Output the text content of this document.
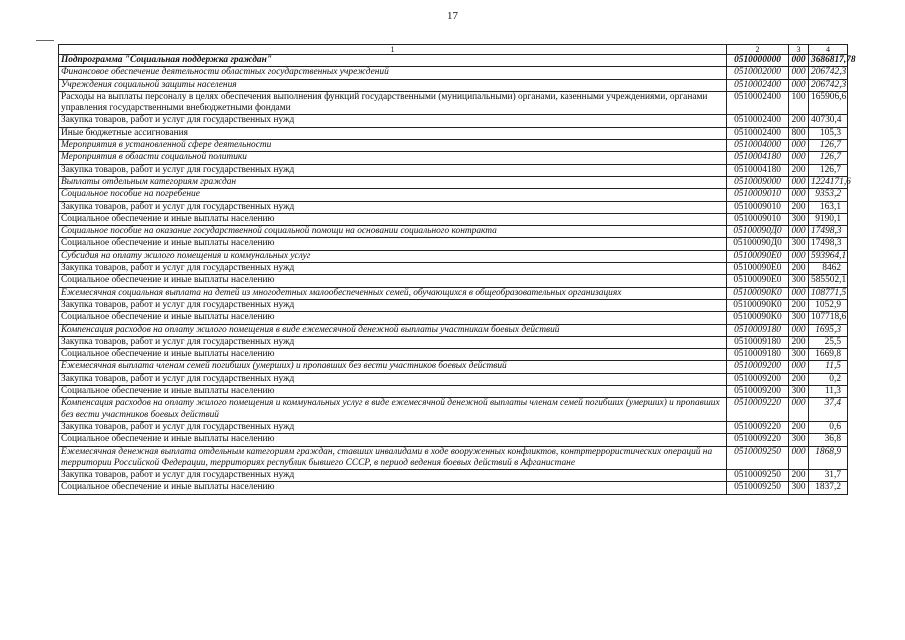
17
1	2	3	4
Подпрограмма "Социальная поддержка граждан"	0510000000	000	3686817,78
Финансовое обеспечение деятельности областных государственных учреждений	0510002000	000	206742,3
Учреждения социальной защиты населения	0510002400	000	206742,3
Расходы на выплаты персоналу в целях обеспечения выполнения функций государственными (муниципальными) органами, казенными учреждениями, органами управления государственными внебюджетными фондами	0510002400	100	165906,6
Закупка товаров, работ и услуг для государственных нужд	0510002400	200	40730,4
Иные бюджетные ассигнования	0510002400	800	105,3
Мероприятия в установленной сфере деятельности	0510004000	000	126,7
Мероприятия в области социальной политики	0510004180	000	126,7
Закупка товаров, работ и услуг для государственных нужд	0510004180	200	126,7
Выплаты отдельным категориям граждан	0510009000	000	1224171,6
Социальное пособие на погребение	0510009010	000	9353,2
Закупка товаров, работ и услуг для государственных нужд	0510009010	200	163,1
Социальное обеспечение и иные выплаты населению	0510009010	300	9190,1
Социальное пособие на оказание государственной социальной помощи на основании социального контракта	05100090Д0	000	17498,3
Социальное обеспечение и иные выплаты населению	05100090Д0	300	17498,3
Субсидия на оплату жилого помещения и коммунальных услуг	05100090Е0	000	593964,1
Закупка товаров, работ и услуг для государственных нужд	05100090Е0	200	8462
Социальное обеспечение и иные выплаты населению	05100090Е0	300	585502,1
Ежемесячная социальная выплата на детей из многодетных малообеспеченных семей, обучающихся в общеобразовательных организациях	05100090К0	000	108771,5
Закупка товаров, работ и услуг для государственных нужд	05100090К0	200	1052,9
Социальное обеспечение и иные выплаты населению	05100090К0	300	107718,6
Компенсация расходов на оплату жилого помещения в виде ежемесячной денежной выплаты участникам боевых действий	0510009180	000	1695,3
Закупка товаров, работ и услуг для государственных нужд	0510009180	200	25,5
Социальное обеспечение и иные выплаты населению	0510009180	300	1669,8
Ежемесячная выплата членам семей погибших (умерших) и пропавших без вести участников боевых действий	0510009200	000	11,5
Закупка товаров, работ и услуг для государственных нужд	0510009200	200	0,2
Социальное обеспечение и иные выплаты населению	0510009200	300	11,3
Компенсация расходов на оплату жилого помещения и коммунальных услуг в виде ежемесячной денежной выплаты членам семей погибших (умерших) и пропавших без вести участников боевых действий	0510009220	000	37,4
Закупка товаров, работ и услуг для государственных нужд	0510009220	200	0,6
Социальное обеспечение и иные выплаты населению	0510009220	300	36,8
Ежемесячная денежная выплата отдельным категориям граждан, ставших инвалидами в ходе вооруженных конфликтов, контртеррористических операций на территории Российской Федерации, территориях республик бывшего СССР, в период ведения боевых действий в Афганистане	0510009250	000	1868,9
Закупка товаров, работ и услуг для государственных нужд	0510009250	200	31,7
Социальное обеспечение и иные выплаты населению	0510009250	300	1837,2
